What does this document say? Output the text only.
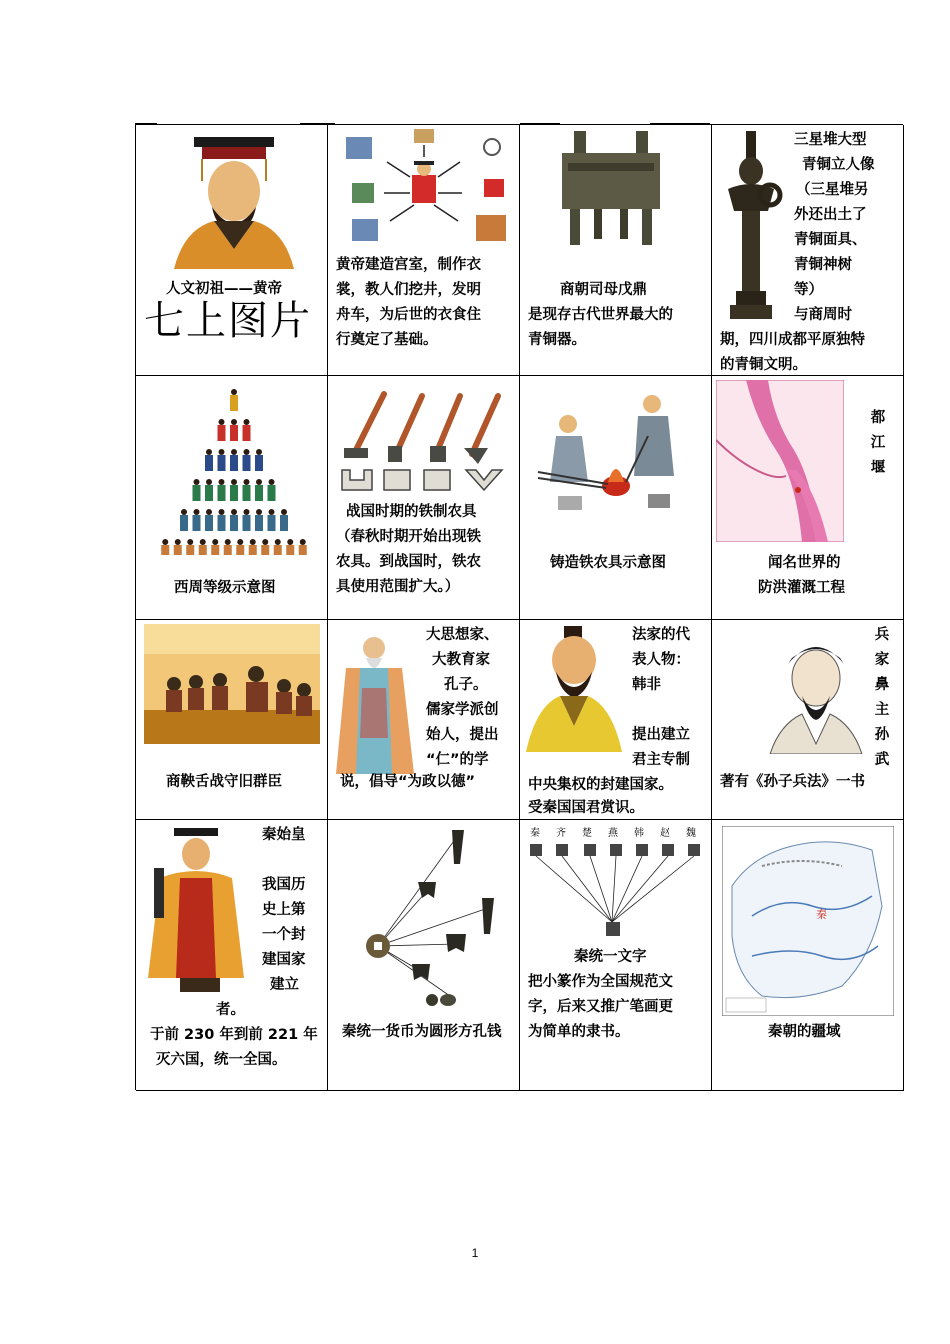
人文初祖——黄帝
七上图片
黄帝建造宫室，制作衣
裳，教人们挖井，发明
舟车，为后世的衣食住
行奠定了基础。
商朝司母戊鼎
是现存古代世界最大的
青铜器。
三星堆大型
青铜立人像
（三星堆另
外还出土了
青铜面具、
青铜神树
等）
与商周时
期，四川成都平原独特
的青铜文明。
西周等级示意图
战国时期的铁制农具
（春秋时期开始出现铁
农具。到战国时，铁农
具使用范围扩大。）
铸造铁农具示意图
都
江
堰
闻名世界的
防洪灌溉工程
商鞅舌战守旧群臣
大思想家、
大教育家
孔子。
儒家学派创
始人，提出
“仁”的学
说，倡导“为政以德”
法家的代
表人物：
韩非
提出建立
君主专制
中央集权的封建国家。
受秦国国君赏识。
兵
家
鼻
主
孙
武
著有《孙子兵法》一书
秦始皇
我国历
史上第
一个封
建国家
建立
者。
于前 230 年到前 221 年
灭六国，统一全国。
秦统一货币为圆形方孔钱
秦 齐 楚 燕 韩 赵 魏
秦统一文字
把小篆作为全国规范文
字，后来又推广笔画更
为简单的隶书。
秦
秦朝的疆域
1
